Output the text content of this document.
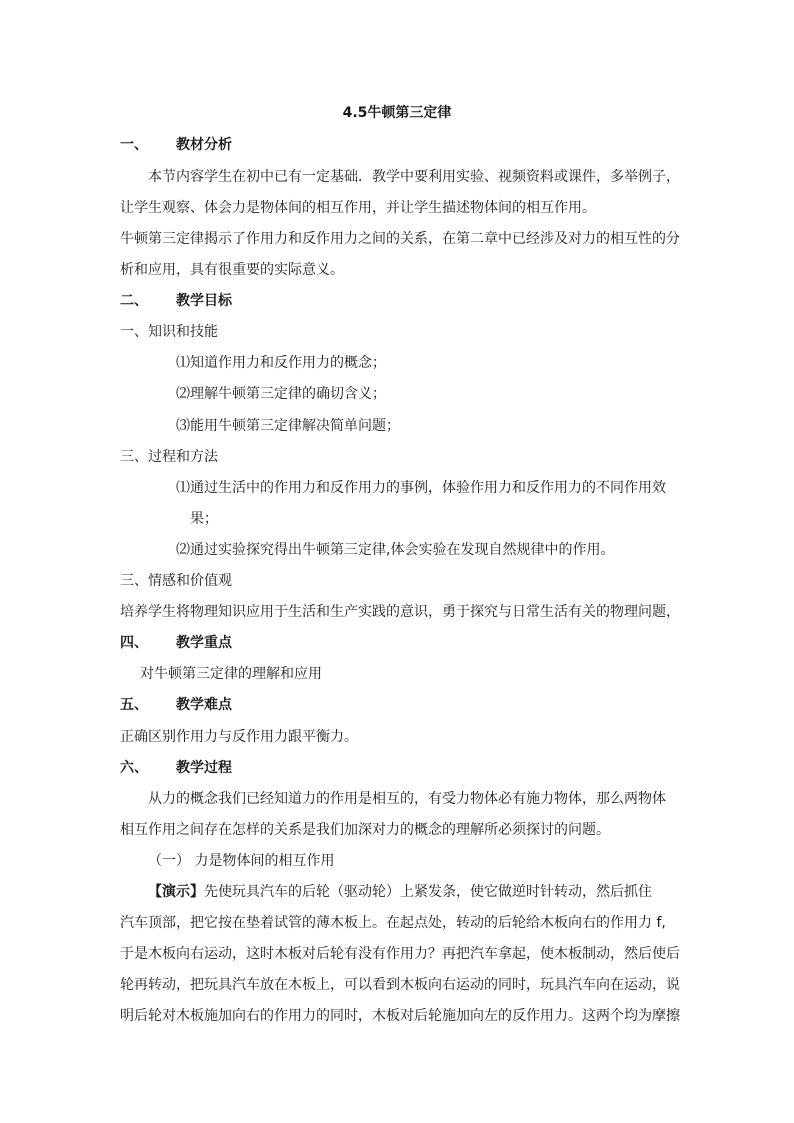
4.5牛顿第三定律
一、 教材分析
本节内容学生在初中已有一定基础．教学中要利用实验、视频资料或课件，多举例子，
让学生观察、体会力是物体间的相互作用，并让学生描述物体间的相互作用。
牛顿第三定律揭示了作用力和反作用力之间的关系，在第二章中已经涉及对力的相互性的分
析和应用，具有很重要的实际意义。
二、 教学目标
一、知识和技能
⑴知道作用力和反作用力的概念；
⑵理解牛顿第三定律的确切含义；
⑶能用牛顿第三定律解决简单问题；
三、过程和方法
⑴通过生活中的作用力和反作用力的事例，体验作用力和反作用力的不同作用效
果；
⑵通过实验探究得出牛顿第三定律,体会实验在发现自然规律中的作用。
三、情感和价值观
培养学生将物理知识应用于生活和生产实践的意识，勇于探究与日常生活有关的物理问题，
四、 教学重点
对牛顿第三定律的理解和应用
五、 教学难点
正确区别作用力与反作用力跟平衡力。
六、 教学过程
从力的概念我们已经知道力的作用是相互的，有受力物体必有施力物体，那么两物体
相互作用之间存在怎样的关系是我们加深对力的概念的理解所必须探讨的问题。
（一） 力是物体间的相互作用
【演示】先使玩具汽车的后轮（驱动轮）上紧发条，使它做逆时针转动，然后抓住
汽车顶部，把它按在垫着试管的薄木板上。在起点处，转动的后轮给木板向右的作用力 f,
于是木板向右运动，这时木板对后轮有没有作用力？再把汽车拿起，使木板制动，然后使后
轮再转动，把玩具汽车放在木板上，可以看到木板向右运动的同时，玩具汽车向在运动，说
明后轮对木板施加向右的作用力的同时，木板对后轮施加向左的反作用力。这两个均为摩擦
